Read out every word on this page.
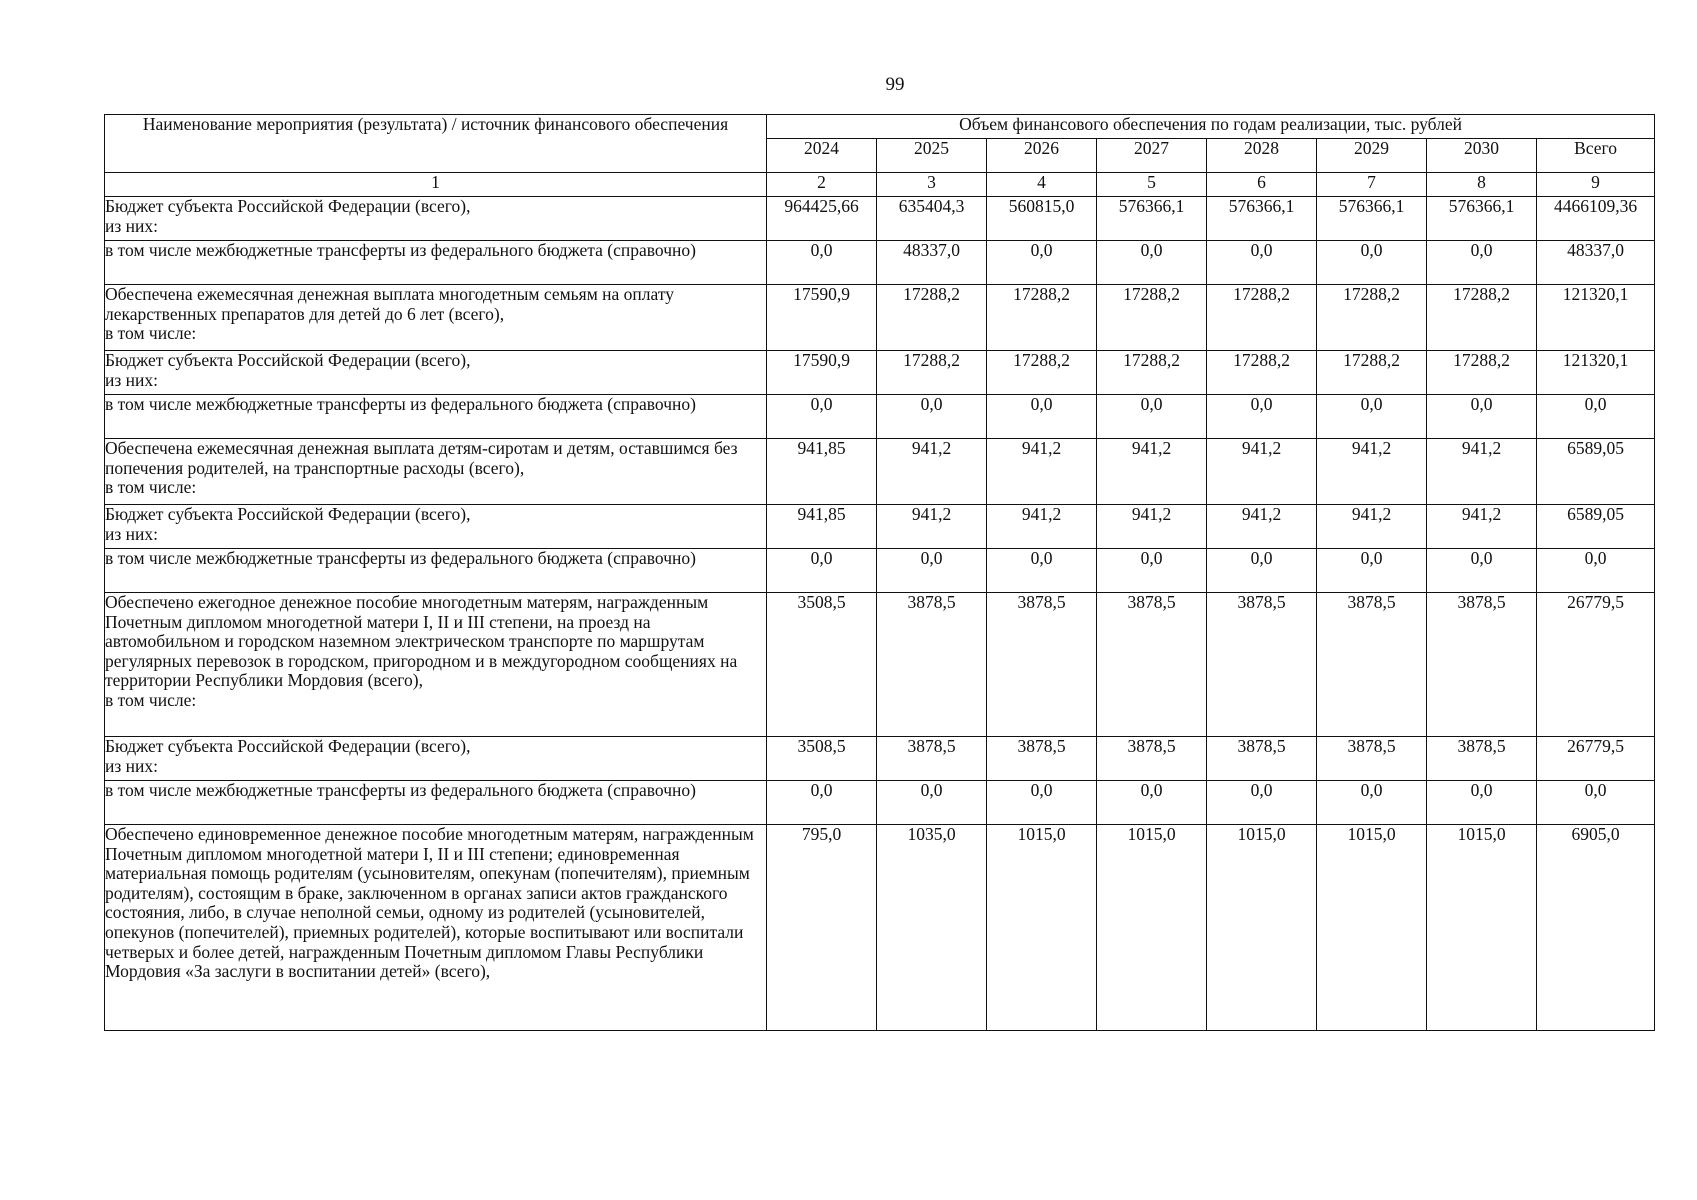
99
Наименование мероприятия (результата) / источник финансового обеспечения	Объем финансового обеспечения по годам реализации, тыс. рублей							
	2024	2025	2026	2027	2028	2029	2030	Всего
1	2	3	4	5	6	7	8	9
Бюджет субъекта Российской Федерации (всего),
из них:	964425,66	635404,3	560815,0	576366,1	576366,1	576366,1	576366,1	4466109,36
в том числе межбюджетные трансферты из федерального бюджета (справочно)	0,0	48337,0	0,0	0,0	0,0	0,0	0,0	48337,0
Обеспечена ежемесячная денежная выплата многодетным семьям на оплату лекарственных препаратов для детей до 6 лет (всего),
в том числе:	17590,9	17288,2	17288,2	17288,2	17288,2	17288,2	17288,2	121320,1
Бюджет субъекта Российской Федерации (всего),
из них:	17590,9	17288,2	17288,2	17288,2	17288,2	17288,2	17288,2	121320,1
в том числе межбюджетные трансферты из федерального бюджета (справочно)	0,0	0,0	0,0	0,0	0,0	0,0	0,0	0,0
Обеспечена ежемесячная денежная выплата детям-сиротам и детям, оставшимся без попечения родителей, на транспортные расходы (всего),
в том числе:	941,85	941,2	941,2	941,2	941,2	941,2	941,2	6589,05
Бюджет субъекта Российской Федерации (всего),
из них:	941,85	941,2	941,2	941,2	941,2	941,2	941,2	6589,05
в том числе межбюджетные трансферты из федерального бюджета (справочно)	0,0	0,0	0,0	0,0	0,0	0,0	0,0	0,0
Обеспечено ежегодное денежное пособие многодетным матерям, награжденным Почетным дипломом многодетной матери I, II и III степени, на проезд на автомобильном и городском наземном электрическом транспорте по маршрутам регулярных перевозок в городском, пригородном и в междугородном сообщениях на территории Республики Мордовия (всего),
в том числе:	3508,5	3878,5	3878,5	3878,5	3878,5	3878,5	3878,5	26779,5
Бюджет субъекта Российской Федерации (всего),
из них:	3508,5	3878,5	3878,5	3878,5	3878,5	3878,5	3878,5	26779,5
в том числе межбюджетные трансферты из федерального бюджета (справочно)	0,0	0,0	0,0	0,0	0,0	0,0	0,0	0,0
Обеспечено единовременное денежное пособие многодетным матерям, награжденным Почетным дипломом многодетной матери I, II и III степени; единовременная материальная помощь родителям (усыновителям, опекунам (попечителям), приемным родителям), состоящим в браке, заключенном в органах записи актов гражданского состояния, либо, в случае неполной семьи, одному из родителей (усыновителей, опекунов (попечителей), приемных родителей), которые воспитывают или воспитали четверых и более детей, награжденным Почетным дипломом Главы Республики Мордовия «За заслуги в воспитании детей» (всего),	795,0	1035,0	1015,0	1015,0	1015,0	1015,0	1015,0	6905,0
